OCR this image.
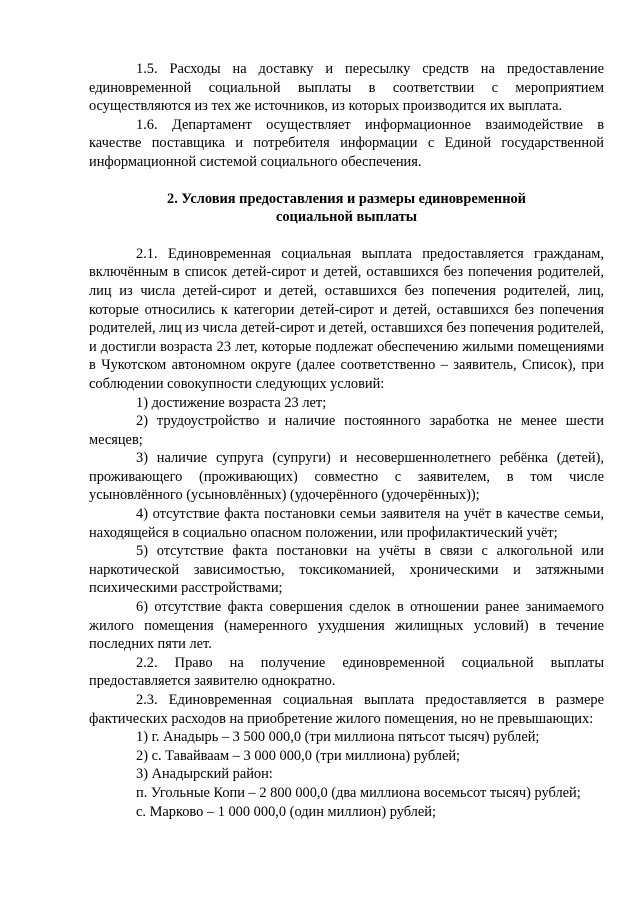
1.5. Расходы на доставку и пересылку средств на предоставление единовременной социальной выплаты в соответствии с мероприятием осуществляются из тех же источников, из которых производится их выплата.

1.6. Департамент осуществляет информационное взаимодействие в качестве поставщика и потребителя информации с Единой государственной информационной системой социального обеспечения.

2. Условия предоставления и размеры единовременной
социальной выплаты

2.1. Единовременная социальная выплата предоставляется гражданам, включённым в список детей-сирот и детей, оставшихся без попечения родителей, лиц из числа детей-сирот и детей, оставшихся без попечения родителей, лиц, которые относились к категории детей-сирот и детей, оставшихся без попечения родителей, лиц из числа детей-сирот и детей, оставшихся без попечения родителей, и достигли возраста 23 лет, которые подлежат обеспечению жилыми помещениями в Чукотском автономном округе (далее соответственно – заявитель, Список), при соблюдении совокупности следующих условий:

1) достижение возраста 23 лет;

2) трудоустройство и наличие постоянного заработка не менее шести месяцев;

3) наличие супруга (супруги) и несовершеннолетнего ребёнка (детей), проживающего (проживающих) совместно с заявителем, в том числе усыновлённого (усыновлённых) (удочерённого (удочерённых));

4) отсутствие факта постановки семьи заявителя на учёт в качестве семьи, находящейся в социально опасном положении, или профилактический учёт;

5) отсутствие факта постановки на учёты в связи с алкогольной или наркотической зависимостью, токсикоманией, хроническими и затяжными психическими расстройствами;

6) отсутствие факта совершения сделок в отношении ранее занимаемого жилого помещения (намеренного ухудшения жилищных условий) в течение последних пяти лет.

2.2. Право на получение единовременной социальной выплаты предоставляется заявителю однократно.

2.3. Единовременная социальная выплата предоставляется в размере фактических расходов на приобретение жилого помещения, но не превышающих:

1) г. Анадырь – 3 500 000,0 (три миллиона пятьсот тысяч) рублей;

2) с. Тавайваам – 3 000 000,0 (три миллиона) рублей;

3) Анадырский район:

п. Угольные Копи – 2 800 000,0 (два миллиона восемьсот тысяч) рублей;

с. Марково – 1 000 000,0 (один миллион) рублей;
